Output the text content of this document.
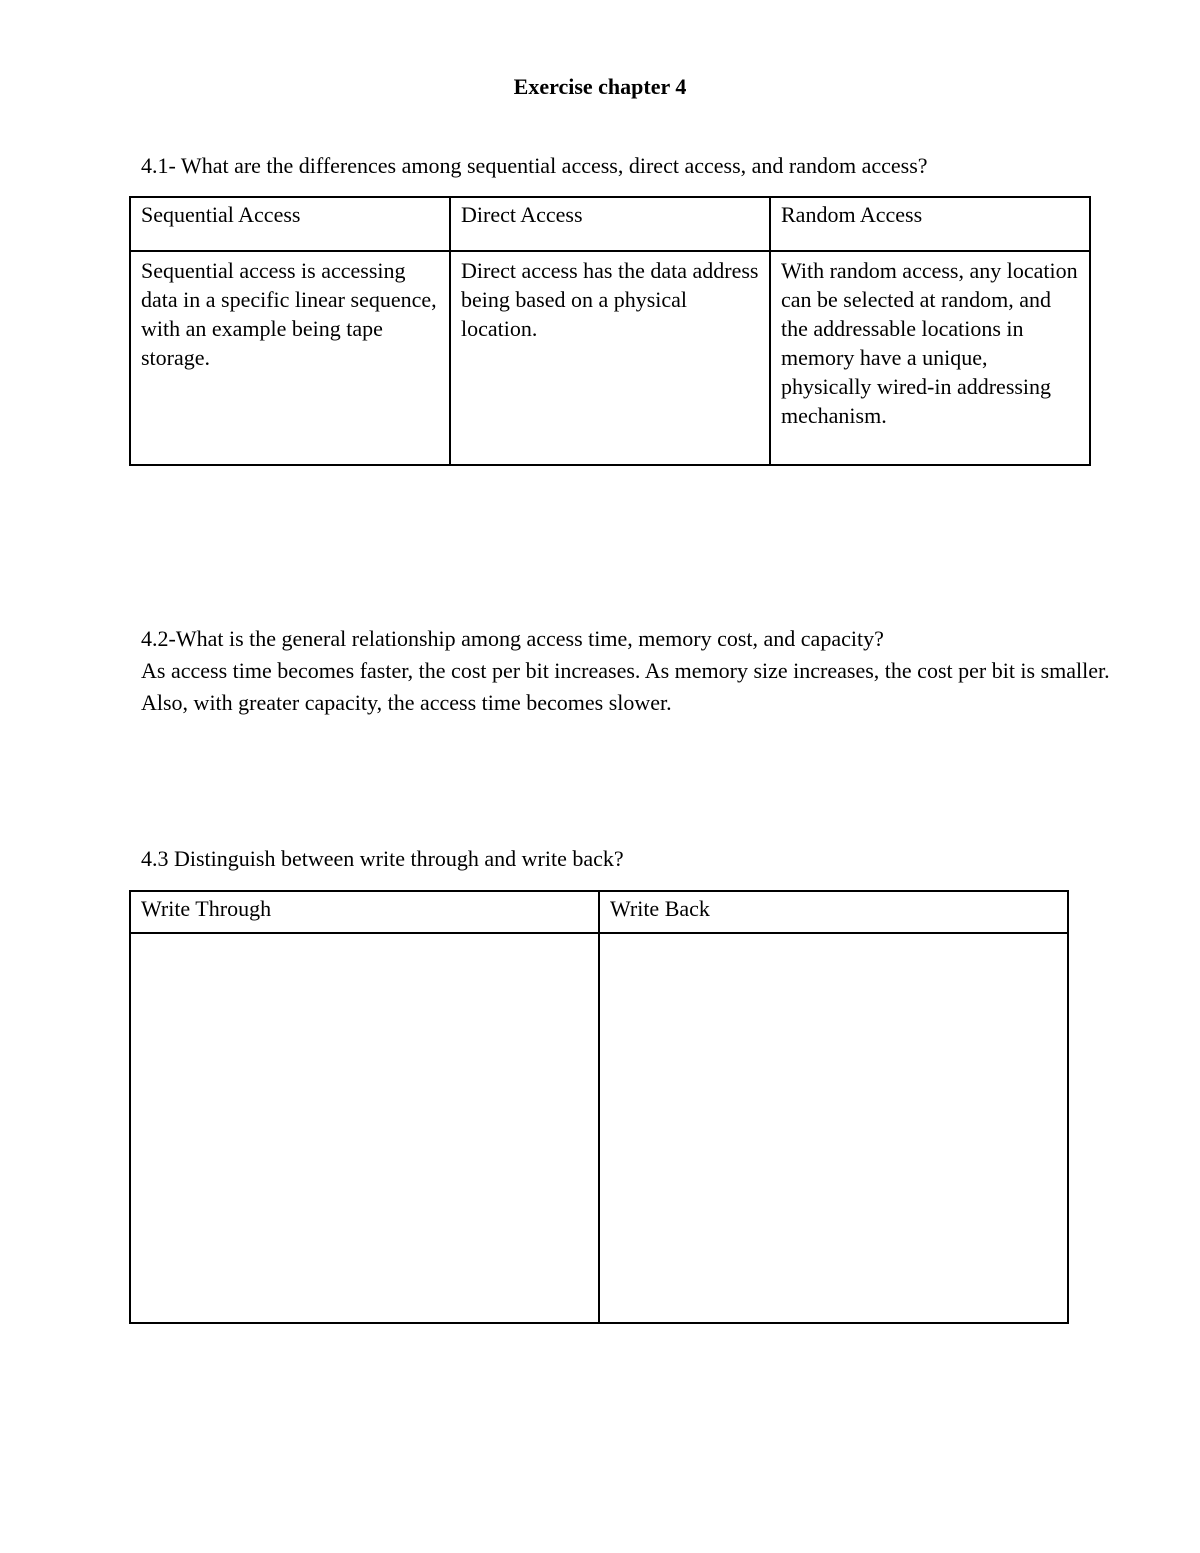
Exercise chapter 4
4.1- What are the differences among sequential access, direct access, and random access?
Sequential Access	Direct Access	Random Access
Sequential access is accessing data in a specific linear sequence, with an example being tape storage.	Direct access has the data address being based on a physical location.	With random access, any location can be selected at random, and the addressable locations in memory have a unique, physically wired-in addressing mechanism.
4.2-What is the general relationship among access time, memory cost, and capacity?
As access time becomes faster, the cost per bit increases. As memory size increases, the cost per bit is smaller. Also, with greater capacity, the access time becomes slower.
4.3 Distinguish between write through and write back?
Write Through	Write Back
